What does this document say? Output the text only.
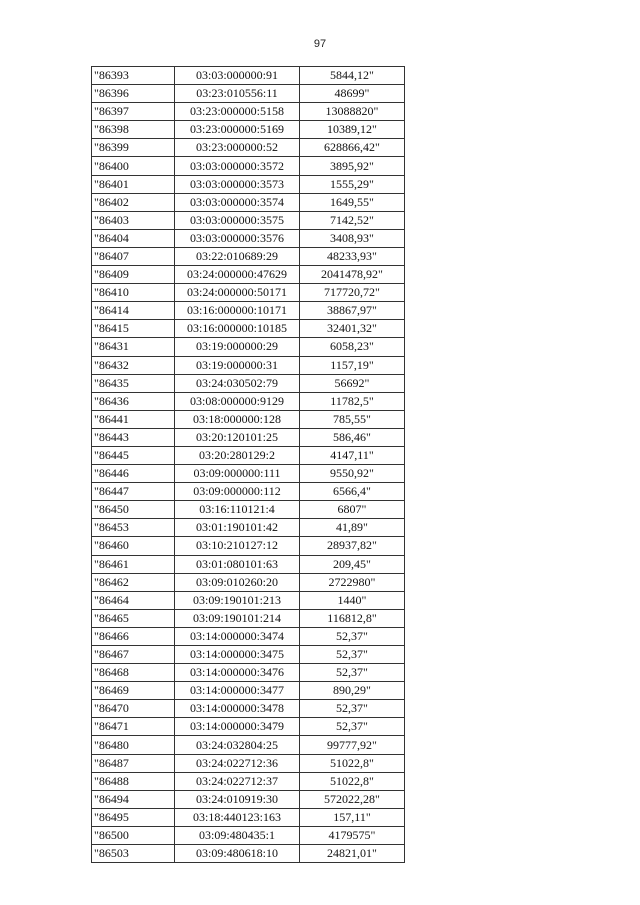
97
"86393	03:03:000000:91	5844,12"
"86396	03:23:010556:11	48699"
"86397	03:23:000000:5158	13088820"
"86398	03:23:000000:5169	10389,12"
"86399	03:23:000000:52	628866,42"
"86400	03:03:000000:3572	3895,92"
"86401	03:03:000000:3573	1555,29"
"86402	03:03:000000:3574	1649,55"
"86403	03:03:000000:3575	7142,52"
"86404	03:03:000000:3576	3408,93"
"86407	03:22:010689:29	48233,93"
"86409	03:24:000000:47629	2041478,92"
"86410	03:24:000000:50171	717720,72"
"86414	03:16:000000:10171	38867,97"
"86415	03:16:000000:10185	32401,32"
"86431	03:19:000000:29	6058,23"
"86432	03:19:000000:31	1157,19"
"86435	03:24:030502:79	56692"
"86436	03:08:000000:9129	11782,5"
"86441	03:18:000000:128	785,55"
"86443	03:20:120101:25	586,46"
"86445	03:20:280129:2	4147,11"
"86446	03:09:000000:111	9550,92"
"86447	03:09:000000:112	6566,4"
"86450	03:16:110121:4	6807"
"86453	03:01:190101:42	41,89"
"86460	03:10:210127:12	28937,82"
"86461	03:01:080101:63	209,45"
"86462	03:09:010260:20	2722980"
"86464	03:09:190101:213	1440"
"86465	03:09:190101:214	116812,8"
"86466	03:14:000000:3474	52,37"
"86467	03:14:000000:3475	52,37"
"86468	03:14:000000:3476	52,37"
"86469	03:14:000000:3477	890,29"
"86470	03:14:000000:3478	52,37"
"86471	03:14:000000:3479	52,37"
"86480	03:24:032804:25	99777,92"
"86487	03:24:022712:36	51022,8"
"86488	03:24:022712:37	51022,8"
"86494	03:24:010919:30	572022,28"
"86495	03:18:440123:163	157,11"
"86500	03:09:480435:1	4179575"
"86503	03:09:480618:10	24821,01"
